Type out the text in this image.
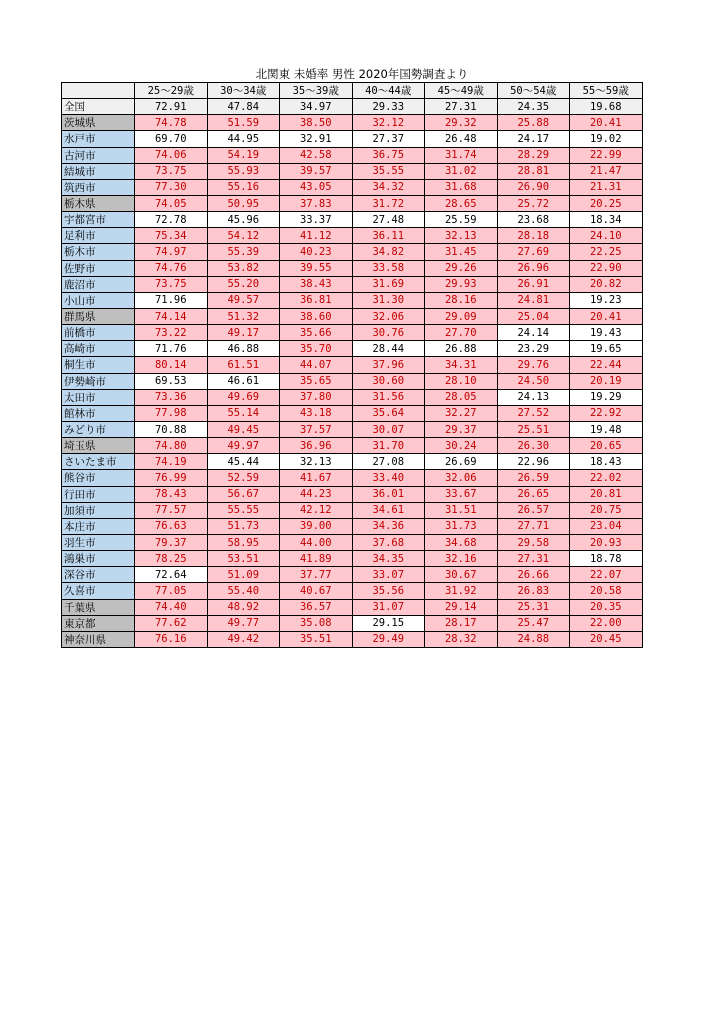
北関東 未婚率 男性 2020年国勢調査より
	25〜29歳	30〜34歳	35〜39歳	40〜44歳	45〜49歳	50〜54歳	55〜59歳
全国	72.91	47.84	34.97	29.33	27.31	24.35	19.68
茨城県	74.78	51.59	38.50	32.12	29.32	25.88	20.41
水戸市	69.70	44.95	32.91	27.37	26.48	24.17	19.02
古河市	74.06	54.19	42.58	36.75	31.74	28.29	22.99
結城市	73.75	55.93	39.57	35.55	31.02	28.81	21.47
筑西市	77.30	55.16	43.05	34.32	31.68	26.90	21.31
栃木県	74.05	50.95	37.83	31.72	28.65	25.72	20.25
宇都宮市	72.78	45.96	33.37	27.48	25.59	23.68	18.34
足利市	75.34	54.12	41.12	36.11	32.13	28.18	24.10
栃木市	74.97	55.39	40.23	34.82	31.45	27.69	22.25
佐野市	74.76	53.82	39.55	33.58	29.26	26.96	22.90
鹿沼市	73.75	55.20	38.43	31.69	29.93	26.91	20.82
小山市	71.96	49.57	36.81	31.30	28.16	24.81	19.23
群馬県	74.14	51.32	38.60	32.06	29.09	25.04	20.41
前橋市	73.22	49.17	35.66	30.76	27.70	24.14	19.43
高崎市	71.76	46.88	35.70	28.44	26.88	23.29	19.65
桐生市	80.14	61.51	44.07	37.96	34.31	29.76	22.44
伊勢崎市	69.53	46.61	35.65	30.60	28.10	24.50	20.19
太田市	73.36	49.69	37.80	31.56	28.05	24.13	19.29
館林市	77.98	55.14	43.18	35.64	32.27	27.52	22.92
みどり市	70.88	49.45	37.57	30.07	29.37	25.51	19.48
埼玉県	74.80	49.97	36.96	31.70	30.24	26.30	20.65
さいたま市	74.19	45.44	32.13	27.08	26.69	22.96	18.43
熊谷市	76.99	52.59	41.67	33.40	32.06	26.59	22.02
行田市	78.43	56.67	44.23	36.01	33.67	26.65	20.81
加須市	77.57	55.55	42.12	34.61	31.51	26.57	20.75
本庄市	76.63	51.73	39.00	34.36	31.73	27.71	23.04
羽生市	79.37	58.95	44.00	37.68	34.68	29.58	20.93
鴻巣市	78.25	53.51	41.89	34.35	32.16	27.31	18.78
深谷市	72.64	51.09	37.77	33.07	30.67	26.66	22.07
久喜市	77.05	55.40	40.67	35.56	31.92	26.83	20.58
千葉県	74.40	48.92	36.57	31.07	29.14	25.31	20.35
東京都	77.62	49.77	35.08	29.15	28.17	25.47	22.00
神奈川県	76.16	49.42	35.51	29.49	28.32	24.88	20.45
